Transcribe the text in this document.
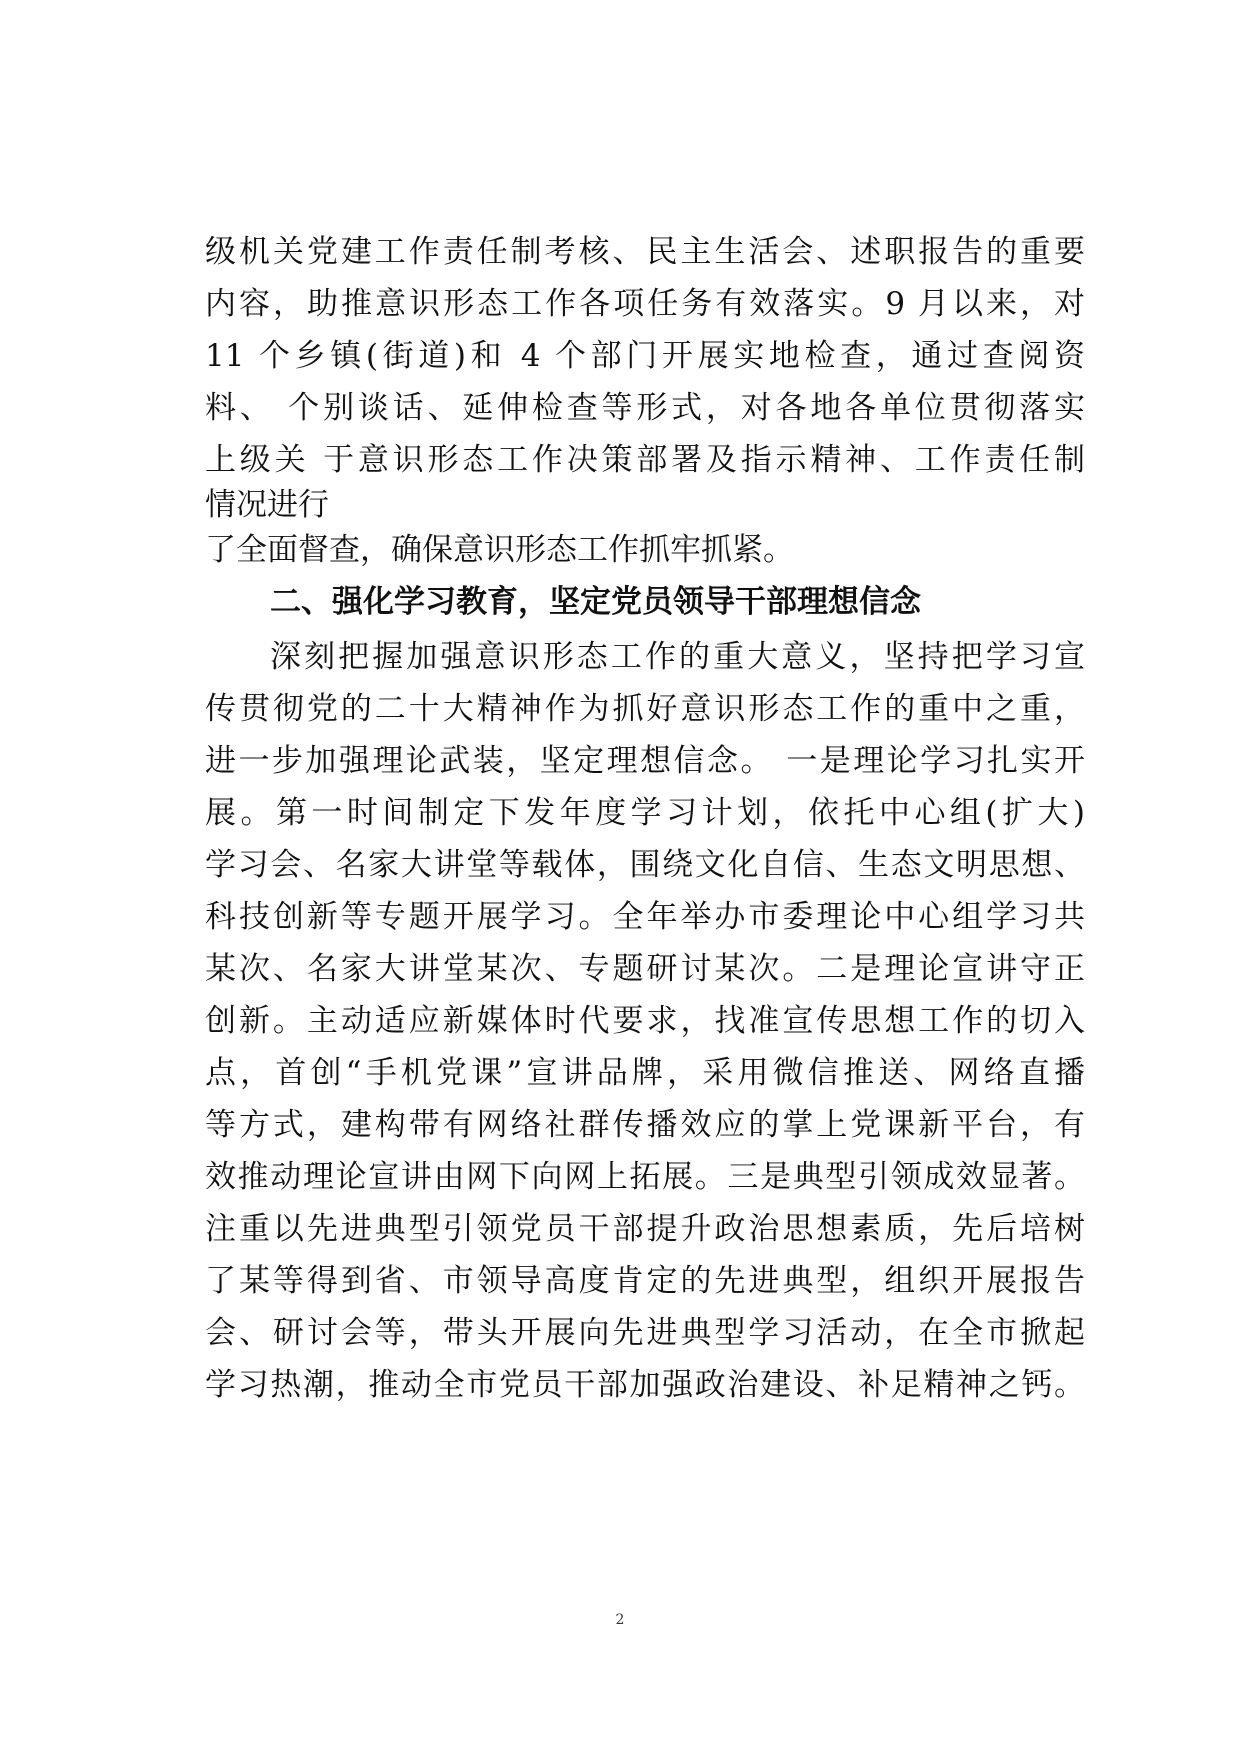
级机关党建工作责任制考核、民主生活会、述职报告的重要
内容，助推意识形态工作各项任务有效落实。9 月以来，对
11 个乡镇(街道)和 4 个部门开展实地检查，通过查阅资
料、 个别谈话、延伸检查等形式，对各地各单位贯彻落实
上级关 于意识形态工作决策部署及指示精神、工作责任制
情况进行
了全面督查，确保意识形态工作抓牢抓紧。
二、强化学习教育，坚定党员领导干部理想信念
深刻把握加强意识形态工作的重大意义，坚持把学习宣
传贯彻党的二十大精神作为抓好意识形态工作的重中之重，
进一步加强理论武装，坚定理想信念。 一是理论学习扎实开
展。第一时间制定下发年度学习计划，依托中心组(扩大)
学习会、名家大讲堂等载体，围绕文化自信、生态文明思想、
科技创新等专题开展学习。全年举办市委理论中心组学习共
某次、名家大讲堂某次、专题研讨某次。二是理论宣讲守正
创新。主动适应新媒体时代要求，找准宣传思想工作的切入
点，首创“手机党课”宣讲品牌，采用微信推送、网络直播
等方式，建构带有网络社群传播效应的掌上党课新平台，有
效推动理论宣讲由网下向网上拓展。三是典型引领成效显著。
注重以先进典型引领党员干部提升政治思想素质，先后培树
了某等得到省、市领导高度肯定的先进典型，组织开展报告
会、研讨会等，带头开展向先进典型学习活动，在全市掀起
学习热潮，推动全市党员干部加强政治建设、补足精神之钙。
2
